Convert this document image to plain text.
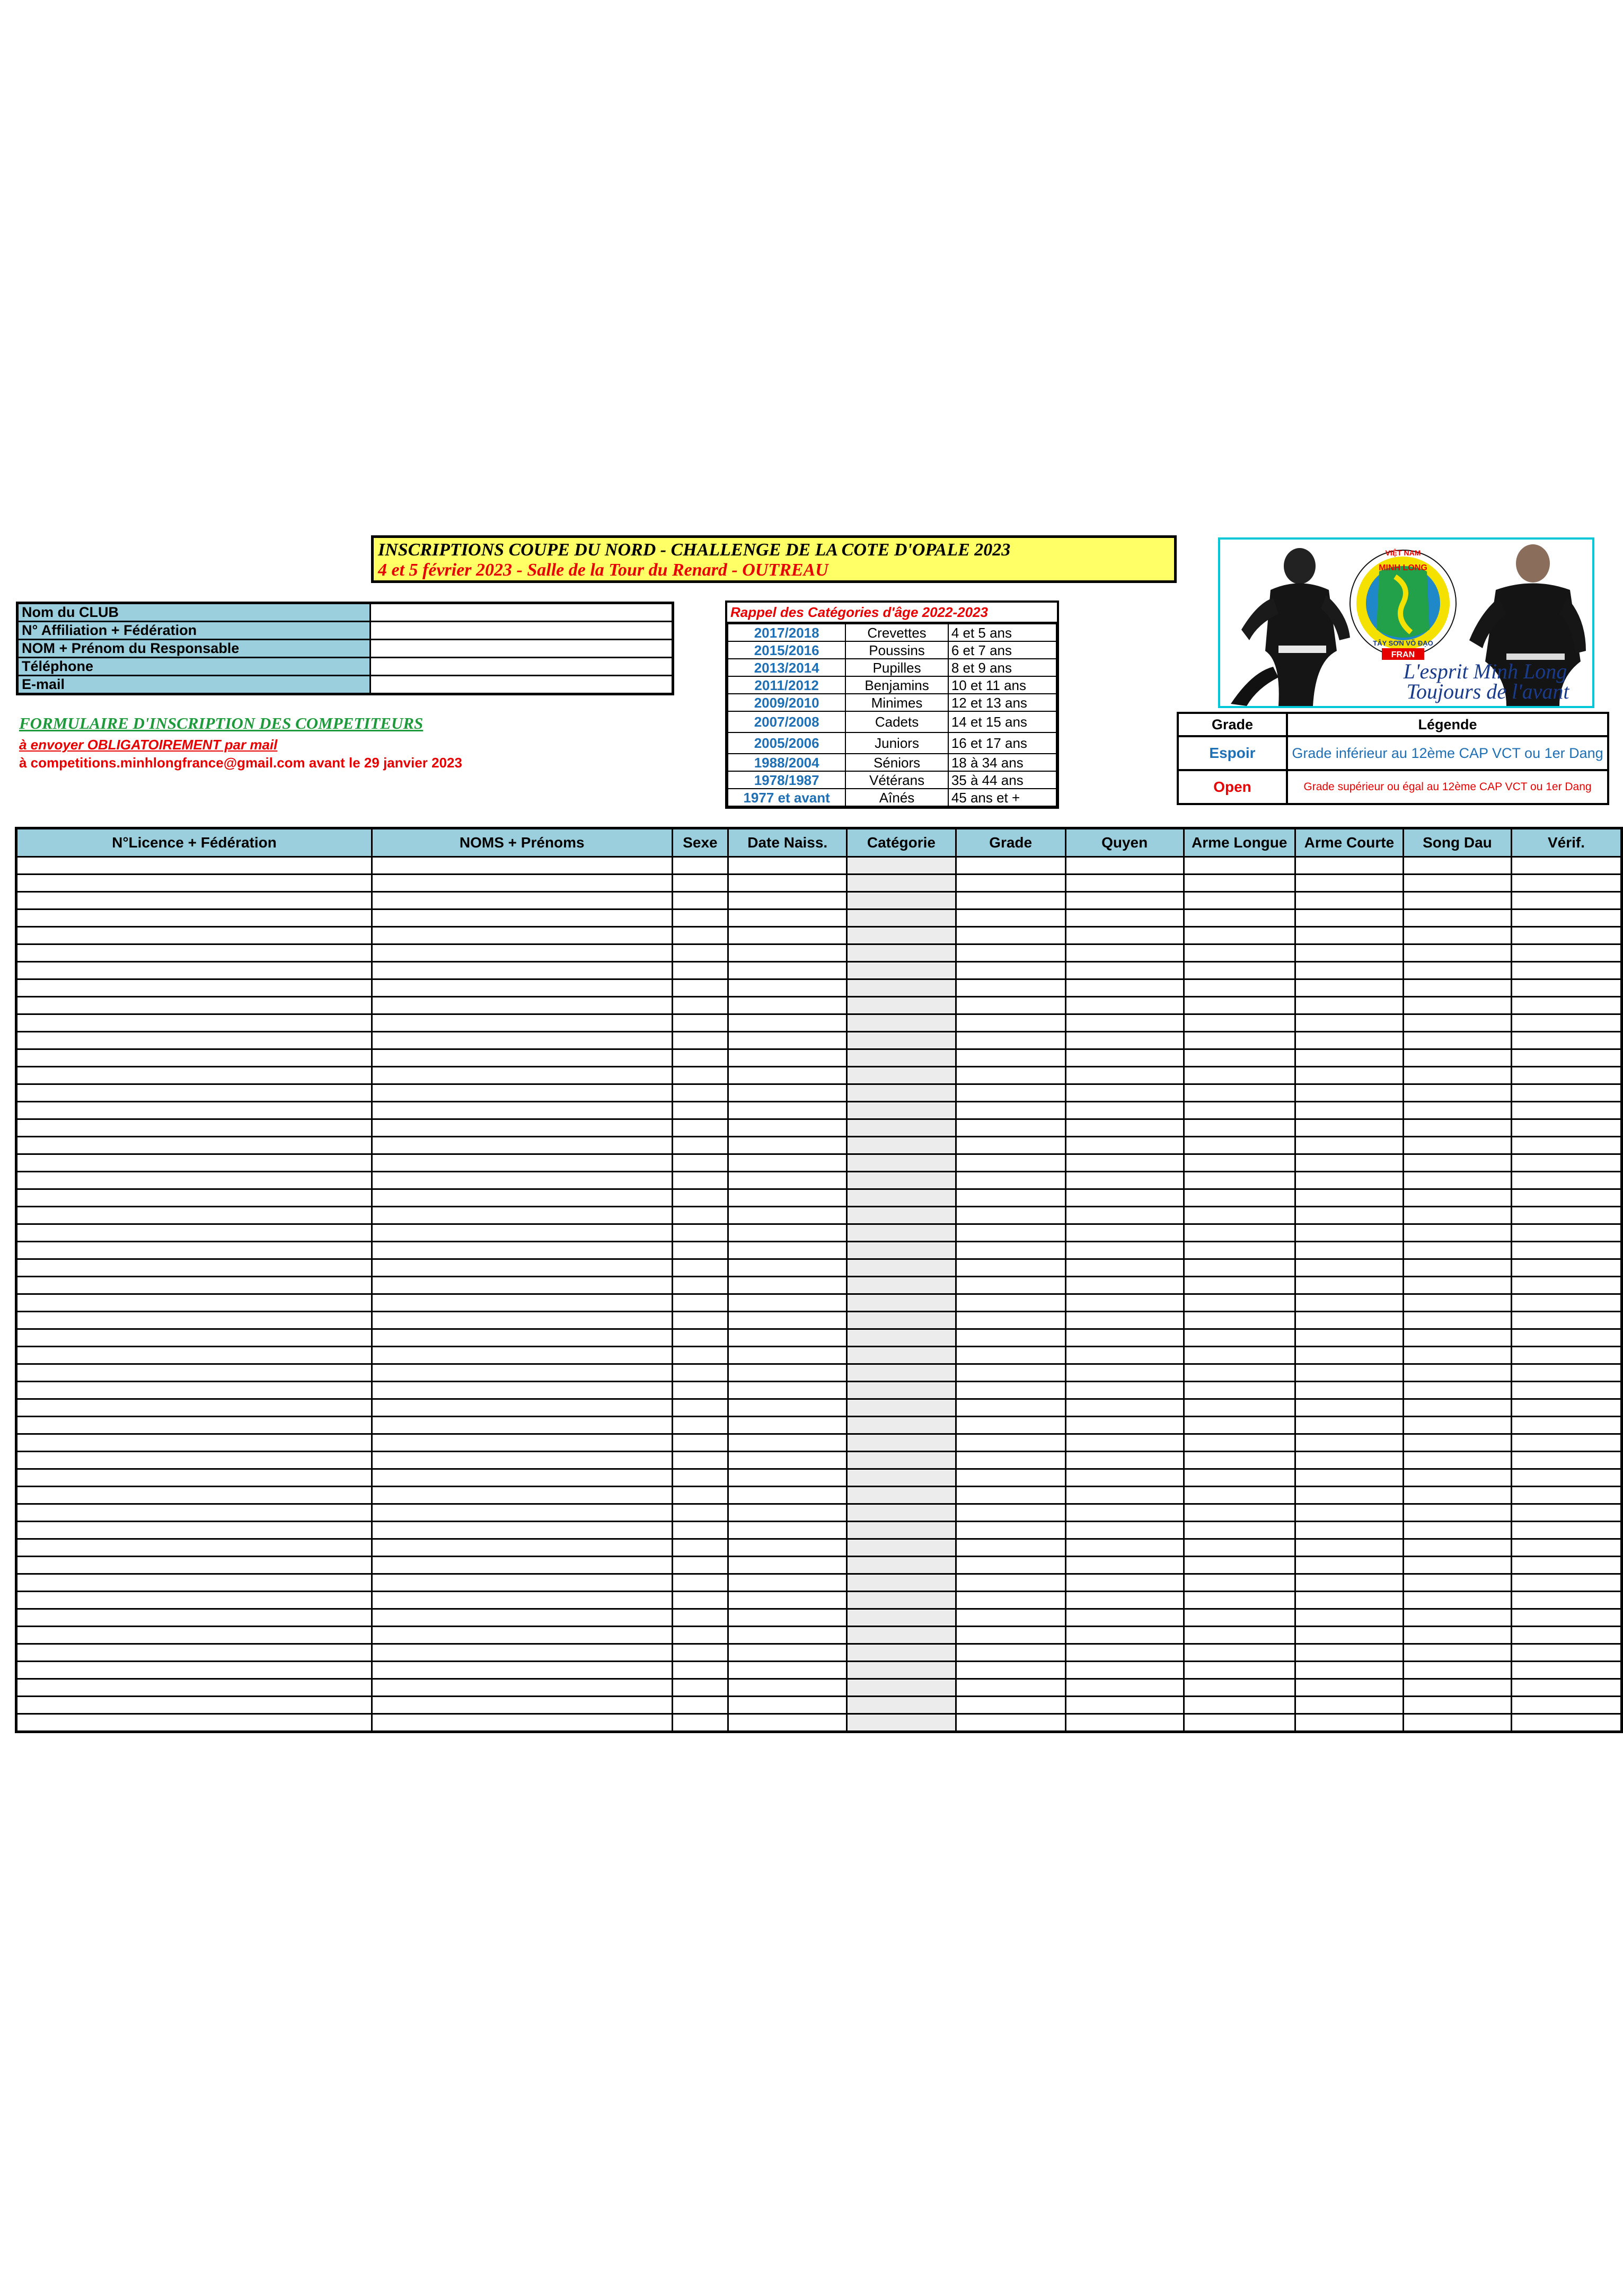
INSCRIPTIONS COUPE DU NORD - CHALLENGE DE LA COTE D'OPALE 2023
4 et 5 février 2023 - Salle de la Tour du Renard - OUTREAU	MINH LONG
TÂY SƠN VÕ ĐẠO
VIỆT NAM
FRAN
L'esprit Minh Long
Toujours de l'avant
Nom du CLUB	
N° Affiliation + Fédération	
NOM + Prénom du Responsable	
Téléphone	
E-mail	
FORMULAIRE D'INSCRIPTION DES COMPETITEURS
à envoyer OBLIGATOIREMENT par mail
à competitions.minhlongfrance@gmail.com avant le 29 janvier 2023
Rappel des Catégories d'âge 2022-2023
2017/2018	Crevettes	4 et 5 ans
2015/2016	Poussins	6 et 7 ans
2013/2014	Pupilles	8 et 9 ans
2011/2012	Benjamins	10 et 11 ans
2009/2010	Minimes	12 et 13 ans
2007/2008	Cadets	14 et 15 ans
2005/2006	Juniors	16 et 17 ans
1988/2004	Séniors	18 à 34 ans
1978/1987	Vétérans	35 à 44 ans
1977 et avant	Aînés	45 ans et +
Grade	Légende
Espoir	Grade inférieur au 12ème CAP VCT ou 1er Dang
Open	Grade supérieur ou égal au 12ème CAP VCT ou 1er Dang
N°Licence + Fédération	NOMS + Prénoms	Sexe	Date Naiss.	Catégorie	Grade	Quyen	Arme Longue	Arme Courte	Song Dau	Vérif.
